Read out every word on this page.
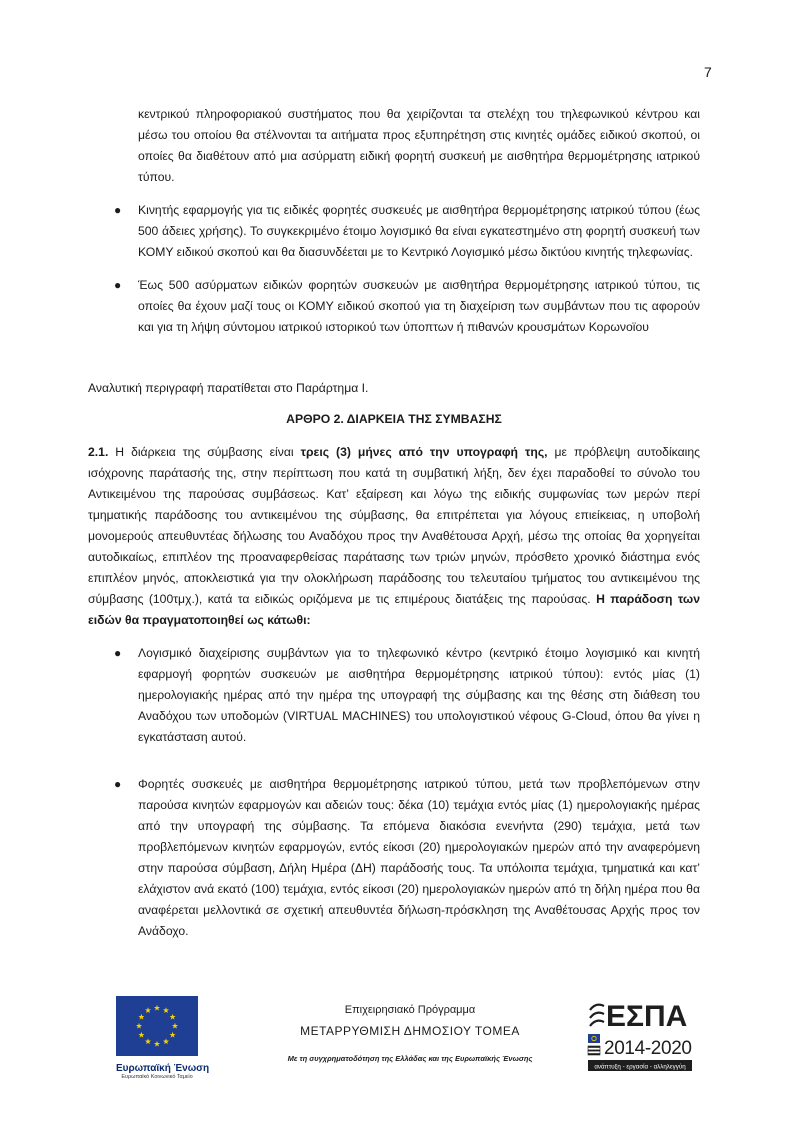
7
κεντρικού πληροφοριακού συστήματος που θα χειρίζονται τα στελέχη του τηλεφωνικού κέντρου και μέσω του οποίου θα στέλνονται τα αιτήματα προς εξυπηρέτηση στις κινητές ομάδες ειδικού σκοπού, οι οποίες θα διαθέτουν από μια ασύρματη ειδική φορητή συσκευή με αισθητήρα θερμομέτρησης ιατρικού τύπου.
● Κινητής εφαρμογής για τις ειδικές φορητές συσκευές με αισθητήρα θερμομέτρησης ιατρικού τύπου (έως 500 άδειες χρήσης). Το συγκεκριμένο έτοιμο λογισμικό θα είναι εγκατεστημένο στη φορητή συσκευή των ΚΟΜΥ ειδικού σκοπού και θα διασυνδέεται με το Κεντρικό Λογισμικό μέσω δικτύου κινητής τηλεφωνίας.
● Έως 500 ασύρματων ειδικών φορητών συσκευών με αισθητήρα θερμομέτρησης ιατρικού τύπου, τις οποίες θα έχουν μαζί τους οι ΚΟΜΥ ειδικού σκοπού για τη διαχείριση των συμβάντων που τις αφορούν και για τη λήψη σύντομου ιατρικού ιστορικού των ύποπτων ή πιθανών κρουσμάτων Κορωνοϊου
Αναλυτική περιγραφή παρατίθεται στο Παράρτημα Ι.
ΑΡΘΡΟ 2. ΔΙΑΡΚΕΙΑ ΤΗΣ ΣΥΜΒΑΣΗΣ
2.1. Η διάρκεια της σύμβασης είναι τρεις (3) μήνες από την υπογραφή της, με πρόβλεψη αυτοδίκαιης ισόχρονης παράτασής της, στην περίπτωση που κατά τη συμβατική λήξη, δεν έχει παραδοθεί το σύνολο του Αντικειμένου της παρούσας συμβάσεως. Κατ’ εξαίρεση και λόγω της ειδικής συμφωνίας των μερών περί τμηματικής παράδοσης του αντικειμένου της σύμβασης, θα επιτρέπεται για λόγους επιείκειας, η υποβολή μονομερούς απευθυντέας δήλωσης του Αναδόχου προς την Αναθέτουσα Αρχή, μέσω της οποίας θα χορηγείται αυτοδικαίως, επιπλέον της προαναφερθείσας παράτασης των τριών μηνών, πρόσθετο χρονικό διάστημα ενός επιπλέον μηνός, αποκλειστικά για την ολοκλήρωση παράδοσης του τελευταίου τμήματος του αντικειμένου της σύμβασης (100τμχ.), κατά τα ειδικώς οριζόμενα με τις επιμέρους διατάξεις της παρούσας. Η παράδοση των ειδών θα πραγματοποιηθεί ως κάτωθι:
● Λογισμικό διαχείρισης συμβάντων για το τηλεφωνικό κέντρο (κεντρικό έτοιμο λογισμικό και κινητή εφαρμογή φορητών συσκευών με αισθητήρα θερμομέτρησης ιατρικού τύπου): εντός μίας (1) ημερολογιακής ημέρας από την ημέρα της υπογραφή της σύμβασης και της θέσης στη διάθεση του Αναδόχου των υποδομών (VIRTUAL MACHINES) του υπολογιστικού νέφους G-Cloud, όπου θα γίνει η εγκατάσταση αυτού.
● Φορητές συσκευές με αισθητήρα θερμομέτρησης ιατρικού τύπου, μετά των προβλεπόμενων στην παρούσα κινητών εφαρμογών και αδειών τους: δέκα (10) τεμάχια εντός μίας (1) ημερολογιακής ημέρας από την υπογραφή της σύμβασης. Τα επόμενα διακόσια ενενήντα (290) τεμάχια, μετά των προβλεπόμενων κινητών εφαρμογών, εντός είκοσι (20) ημερολογιακών ημερών από την αναφερόμενη στην παρούσα σύμβαση, Δήλη Ημέρα (ΔΗ) παράδοσής τους. Τα υπόλοιπα τεμάχια, τμηματικά και κατ’ ελάχιστον ανά εκατό (100) τεμάχια, εντός είκοσι (20) ημερολογιακών ημερών από τη δήλη ημέρα που θα αναφέρεται μελλοντικά σε σχετική απευθυντέα δήλωση-πρόσκληση της Αναθέτουσας Αρχής προς τον Ανάδοχο.
Ευρωπαϊκή Ένωση
Ευρωπαϊκό Κοινωνικό Ταμείο
Επιχειρησιακό Πρόγραμμα
ΜΕΤΑΡΡΥΘΜΙΣΗ ΔΗΜΟΣΙΟΥ ΤΟΜΕΑ
Με τη συγχρηματοδότηση της Ελλάδας και της Ευρωπαϊκής Ένωσης
ΕΣΠΑ
2014-2020
ανάπτυξη - εργασία - αλληλεγγύη
